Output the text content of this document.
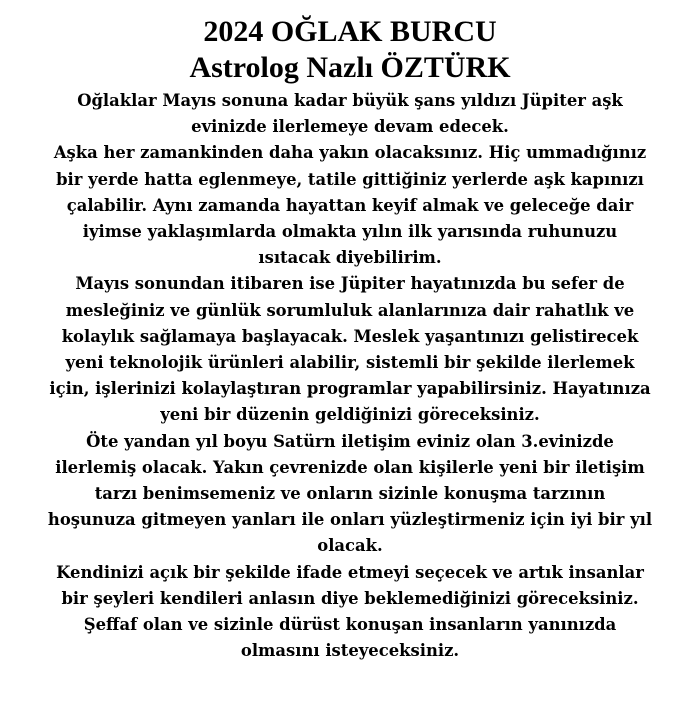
2024 OĞLAK BURCU
Astrolog Nazlı ÖZTÜRK
Oğlaklar Mayıs sonuna kadar büyük şans yıldızı Jüpiter aşk
evinizde ilerlemeye devam edecek.
Aşka her zamankinden daha yakın olacaksınız. Hiç ummadığınız
bir yerde hatta eglenmeye, tatile gittiğiniz yerlerde aşk kapınızı
çalabilir. Aynı zamanda hayattan keyif almak ve geleceğe dair
iyimse yaklaşımlarda olmakta yılın ilk yarısında ruhunuzu
ısıtacak diyebilirim.
Mayıs sonundan itibaren ise Jüpiter hayatınızda bu sefer de
mesleğiniz ve günlük sorumluluk alanlarınıza dair rahatlık ve
kolaylık sağlamaya başlayacak. Meslek yaşantınızı gelistirecek
yeni teknolojik ürünleri alabilir, sistemli bir şekilde ilerlemek
için, işlerinizi kolaylaştıran programlar yapabilirsiniz. Hayatınıza
yeni bir düzenin geldiğinizi göreceksiniz.
Öte yandan yıl boyu Satürn iletişim eviniz olan 3.evinizde
ilerlemiş olacak. Yakın çevrenizde olan kişilerle yeni bir iletişim
tarzı benimsemeniz ve onların sizinle konuşma tarzının
hoşunuza gitmeyen yanları ile onları yüzleştirmeniz için iyi bir yıl
olacak.
Kendinizi açık bir şekilde ifade etmeyi seçecek ve artık insanlar
bir şeyleri kendileri anlasın diye beklemediğinizi göreceksiniz.
Şeffaf olan ve sizinle dürüst konuşan insanların yanınızda
olmasını isteyeceksiniz.
